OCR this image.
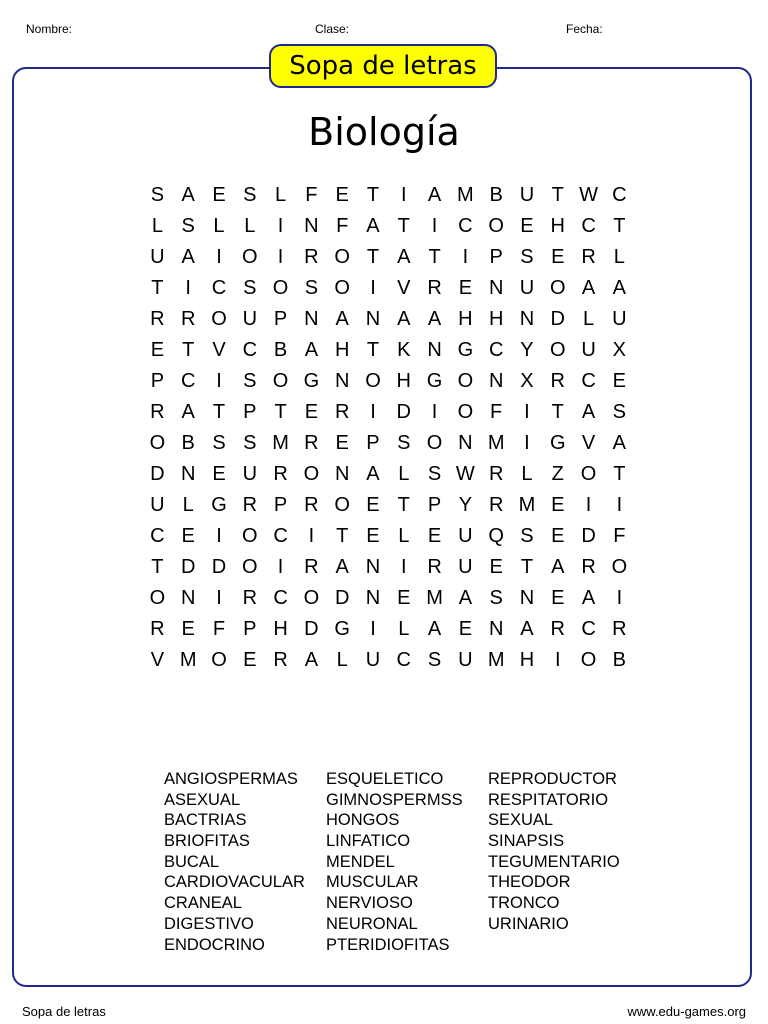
Nombre:	Clase:	Fecha:
Sopa de letras
Biología
S A E S L F E T I A M B U T W C
L S L L I N F A T I C O E H C T
U A I O I R O T A T I P S E R L
T I C S O S O I V R E N U O A A
R R O U P N A N A A H H N D L U
E T V C B A H T K N G C Y O U X
P C I S O G N O H G O N X R C E
R A T P T E R I D I O F I T A S
O B S S M R E P S O N M I G V A
D N E U R O N A L S W R L Z O T
U L G R P R O E T P Y R M E I I
C E I O C I T E L E U Q S E D F
T D D O I R A N I R U E T A R O
O N I R C O D N E M A S N E A I
R E F P H D G I L A E N A R C R
V M O E R A L U C S U M H I O B
ANGIOSPERMAS
ASEXUAL
BACTRIAS
BRIOFITAS
BUCAL
CARDIOVACULAR
CRANEAL
DIGESTIVO
ENDOCRINO
ESQUELETICO
GIMNOSPERMSS
HONGOS
LINFATICO
MENDEL
MUSCULAR
NERVIOSO
NEURONAL
PTERIDIOFITAS
REPRODUCTOR
RESPITATORIO
SEXUAL
SINAPSIS
TEGUMENTARIO
THEODOR
TRONCO
URINARIO
Sopa de letras	www.edu-games.org
